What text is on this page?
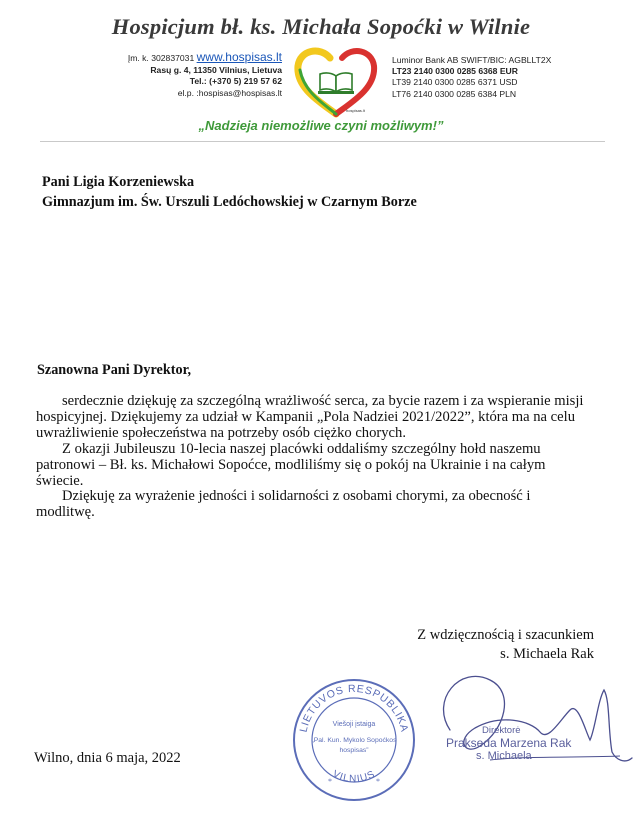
Hospicjum bł. ks. Michała Sopoćki w Wilnie
Įm. k. 302837031 www.hospisas.lt
Rasų g. 4, 11350 Vilnius, Lietuva
Tel.: (+370 5) 219 57 62
el.p. :hospisas@hospisas.lt
hospisas.lt
Luminor Bank AB SWIFT/BIC: AGBLLT2X
LT23 2140 0300 0285 6368 EUR
LT39 2140 0300 0285 6371 USD
LT76 2140 0300 0285 6384 PLN
„Nadzieja niemożliwe czyni możliwym!”
Pani Ligia Korzeniewska
Gimnazjum im. Św. Urszuli Ledóchowskiej w Czarnym Borze
Szanowna Pani Dyrektor,

serdecznie dziękuję za szczególną wrażliwość serca, za bycie razem i za wspieranie misji hospicyjnej. Dziękujemy za udział w Kampanii „Pola Nadziei 2021/2022”, która ma na celu uwrażliwienie społeczeństwa na potrzeby osób ciężko chorych.

Z okazji Jubileuszu 10-lecia naszej placówki oddaliśmy szczególny hołd naszemu patronowi – Bł. ks. Michałowi Sopoćce, modliliśmy się o pokój na Ukrainie i na całym świecie.

Dziękuję za wyrażenie jedności i solidarności z osobami chorymi, za obecność i modlitwę.

Z wdzięcznością i szacunkiem
s. Michaela Rak
Wilno, dnia 6 maja, 2022
LIETUVOS RESPUBLIKA
VILNIUS
Viešoji įstaiga
„Pal. Kun. Mykolo Sopoćkos
hospisas”
*	*
Direktorė
Prakseda Marzena Rak
s. Michaela
